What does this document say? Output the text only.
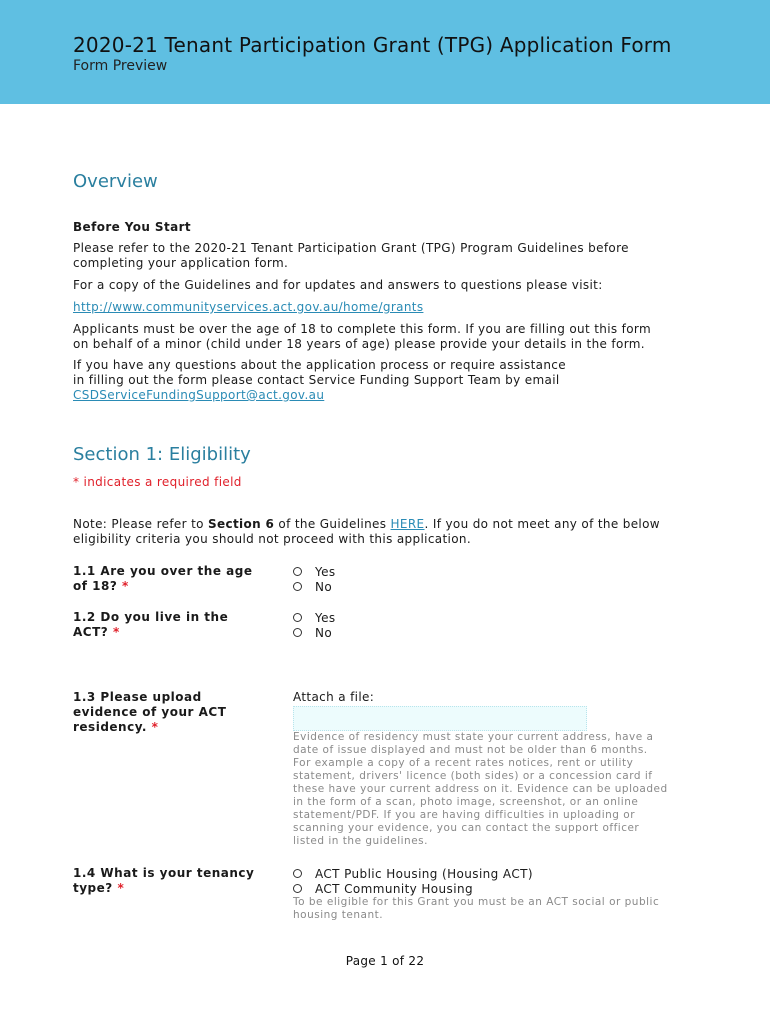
2020-21 Tenant Participation Grant (TPG) Application Form
Form Preview
Overview
Before You Start
Please refer to the 2020-21 Tenant Participation Grant (TPG) Program Guidelines before
completing your application form.
For a copy of the Guidelines and for updates and answers to questions please visit:
http://www.communityservices.act.gov.au/home/grants
Applicants must be over the age of 18 to complete this form. If you are filling out this form
on behalf of a minor (child under 18 years of age) please provide your details in the form.
If you have any questions about the application process or require assistance
in filling out the form please contact Service Funding Support Team by email
CSDServiceFundingSupport@act.gov.au
Section 1: Eligibility
* indicates a required field
Note: Please refer to Section 6 of the Guidelines HERE. If you do not meet any of the below
eligibility criteria you should not proceed with this application.
1.1 Are you over the age
of 18? *
Yes
No
1.2 Do you live in the
ACT? *
Yes
No
1.3 Please upload
evidence of your ACT
residency. *
Attach a file:
Evidence of residency must state your current address, have a
date of issue displayed and must not be older than 6 months.
For example a copy of a recent rates notices, rent or utility
statement, drivers' licence (both sides) or a concession card if
these have your current address on it. Evidence can be uploaded
in the form of a scan, photo image, screenshot, or an online
statement/PDF. If you are having difficulties in uploading or
scanning your evidence, you can contact the support officer
listed in the guidelines.
1.4 What is your tenancy
type? *
ACT Public Housing (Housing ACT)
ACT Community Housing
To be eligible for this Grant you must be an ACT social or public
housing tenant.
Page 1 of 22
